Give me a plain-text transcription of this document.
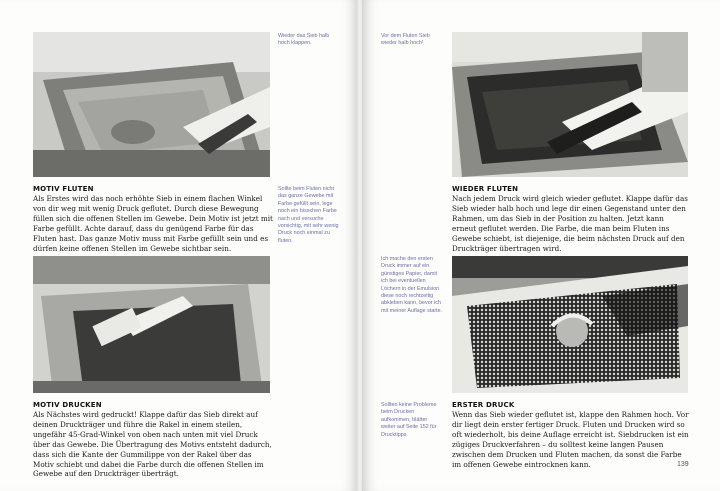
Wieder das Sieb halb hoch klappen.

MOTIV FLUTEN

Als Erstes wird das noch erhöhte Sieb in einem flachen Winkel von dir weg mit wenig Druck geflutet. Durch diese Bewegung füllen sich die offenen Stellen im Gewebe. Dein Motiv ist jetzt mit Farbe gefüllt. Achte darauf, dass du genügend Farbe für das Fluten hast. Das ganze Motiv muss mit Farbe gefüllt sein und es dürfen keine offenen Stellen im Gewebe sichtbar sein.

Sollte beim Fluten nicht das ganze Gewebe mit Farbe gefüllt sein, lege noch ein bisschen Farbe nach und versuche vorsichtig, mit sehr wenig Druck noch einmal zu fluten.

MOTIV DRUCKEN

Als Nächstes wird gedruckt! Klappe dafür das Sieb direkt auf deinen Druckträger und führe die Rakel in einem steilen, ungefähr 45-Grad-Winkel von oben nach unten mit viel Druck über das Gewebe. Die Übertragung des Motivs entsteht dadurch, dass sich die Kante der Gummilippe von der Rakel über das Motiv schiebt und dabei die Farbe durch die offenen Stellen im Gewebe auf den Druckträger überträgt.

Vor dem Fluten Sieb wieder halb hoch!

WIEDER FLUTEN

Nach jedem Druck wird gleich wieder geflutet. Klappe dafür das Sieb wieder halb hoch und lege dir einen Gegenstand unter den Rahmen, um das Sieb in der Position zu halten. Jetzt kann erneut geflutet werden. Die Farbe, die man beim Fluten ins Gewebe schiebt, ist diejenige, die beim nächsten Druck auf den Druckträger übertragen wird.

Ich mache den ersten Druck immer auf ein günstiges Papier, damit ich bei eventuellen Löchern in der Emulsion diese noch rechtzeitig abkleben kann, bevor ich mit meiner Auflage starte.

Sollten keine Probleme beim Drucken aufkommen, blätter weiter auf Seite 152 für Drucktipps.

ERSTER DRUCK

Wenn das Sieb wieder geflutet ist, klappe den Rahmen hoch. Vor dir liegt dein erster fertiger Druck. Fluten und Drucken wird so oft wiederholt, bis deine Auflage erreicht ist. Siebdrucken ist ein zügiges Druckverfahren – du solltest keine langen Pausen zwischen dem Drucken und Fluten machen, da sonst die Farbe im offenen Gewebe eintrocknen kann.	139
